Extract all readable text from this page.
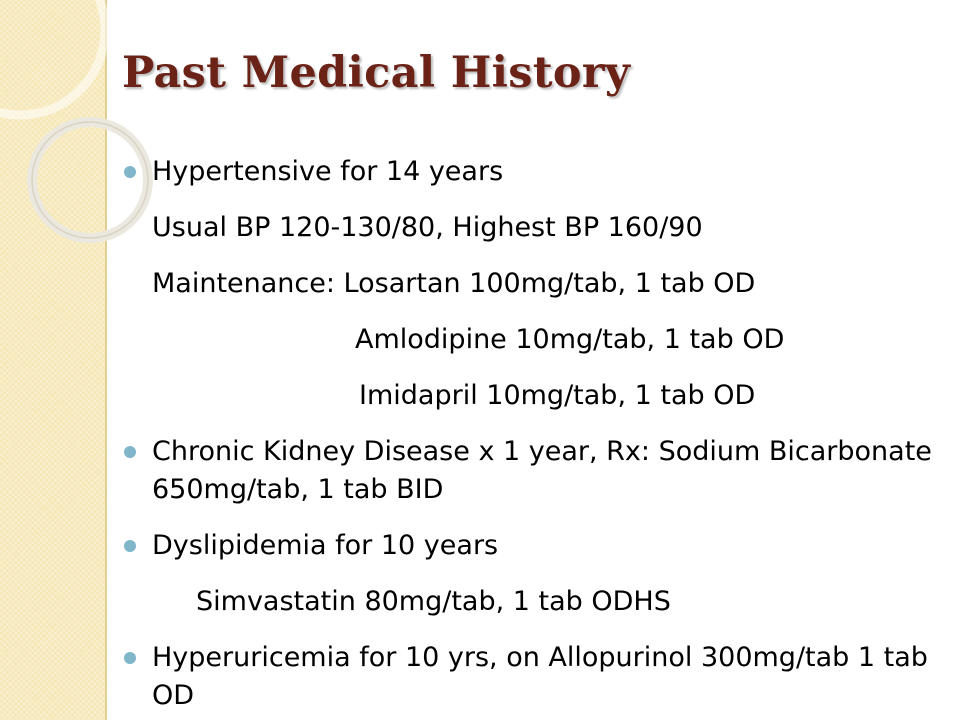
Past Medical History
Hypertensive for 14 years
Usual BP 120-130/80, Highest BP 160/90
Maintenance: Losartan 100mg/tab, 1 tab OD
Amlodipine 10mg/tab, 1 tab OD
Imidapril 10mg/tab, 1 tab OD
Chronic Kidney Disease x 1 year, Rx: Sodium Bicarbonate 650mg/tab, 1 tab BID
Dyslipidemia for 10 years
Simvastatin 80mg/tab, 1 tab ODHS
Hyperuricemia for 10 yrs, on Allopurinol 300mg/tab 1 tab OD
